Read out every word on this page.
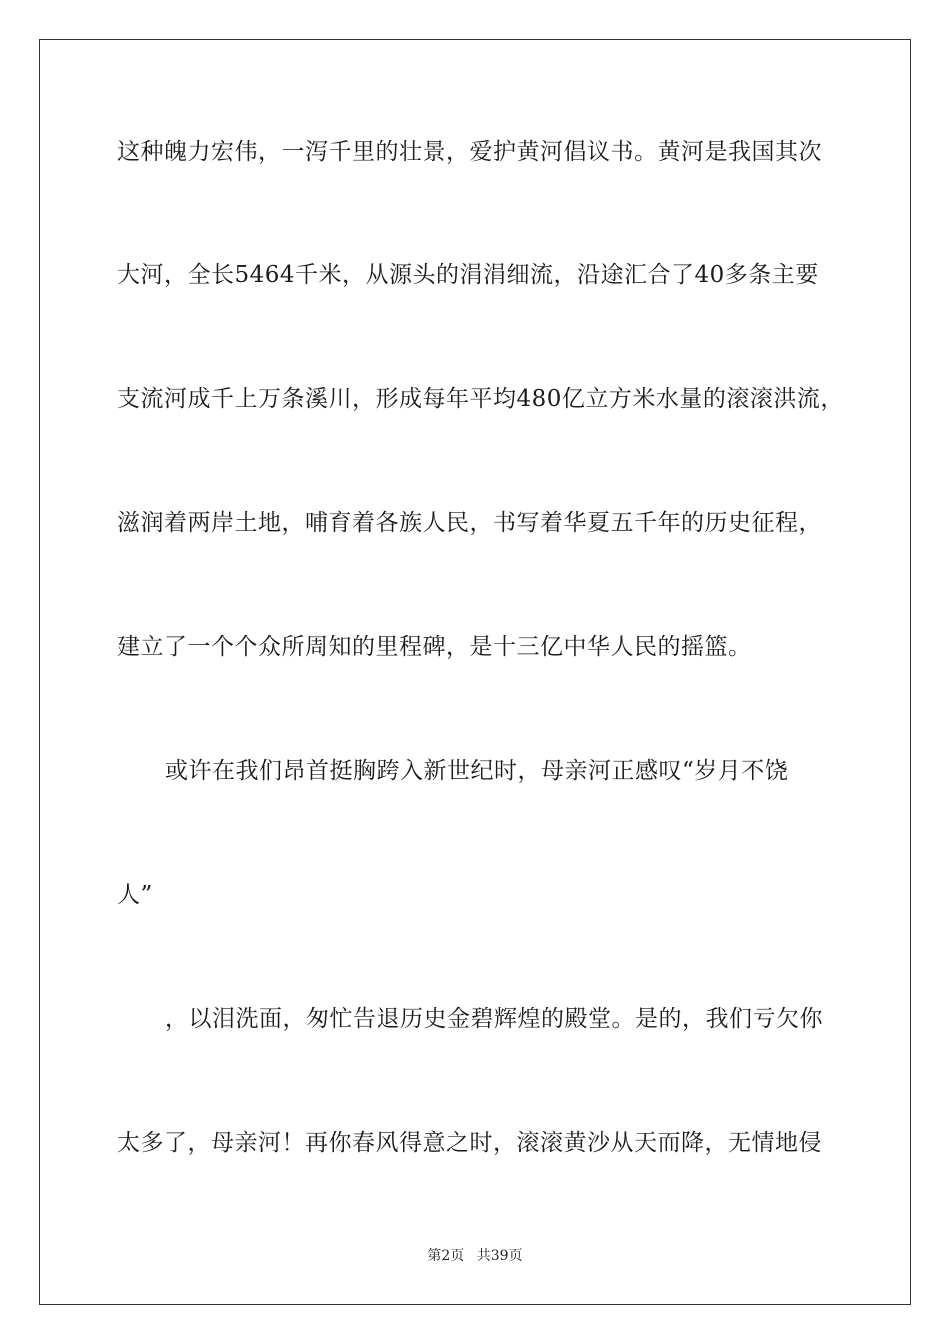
这种魄力宏伟，一泻千里的壮景，爱护黄河倡议书。黄河是我国其次
大河，全长5464千米，从源头的涓涓细流，沿途汇合了40多条主要
支流河成千上万条溪川，形成每年平均480亿立方米水量的滚滚洪流，
滋润着两岸土地，哺育着各族人民，书写着华夏五千年的历史征程，
建立了一个个众所周知的里程碑，是十三亿中华人民的摇篮。
或许在我们昂首挺胸跨入新世纪时，母亲河正感叹“岁月不饶
人”
，以泪洗面，匆忙告退历史金碧辉煌的殿堂。是的，我们亏欠你
太多了，母亲河！再你春风得意之时，滚滚黄沙从天而降，无情地侵
第2页 共39页
